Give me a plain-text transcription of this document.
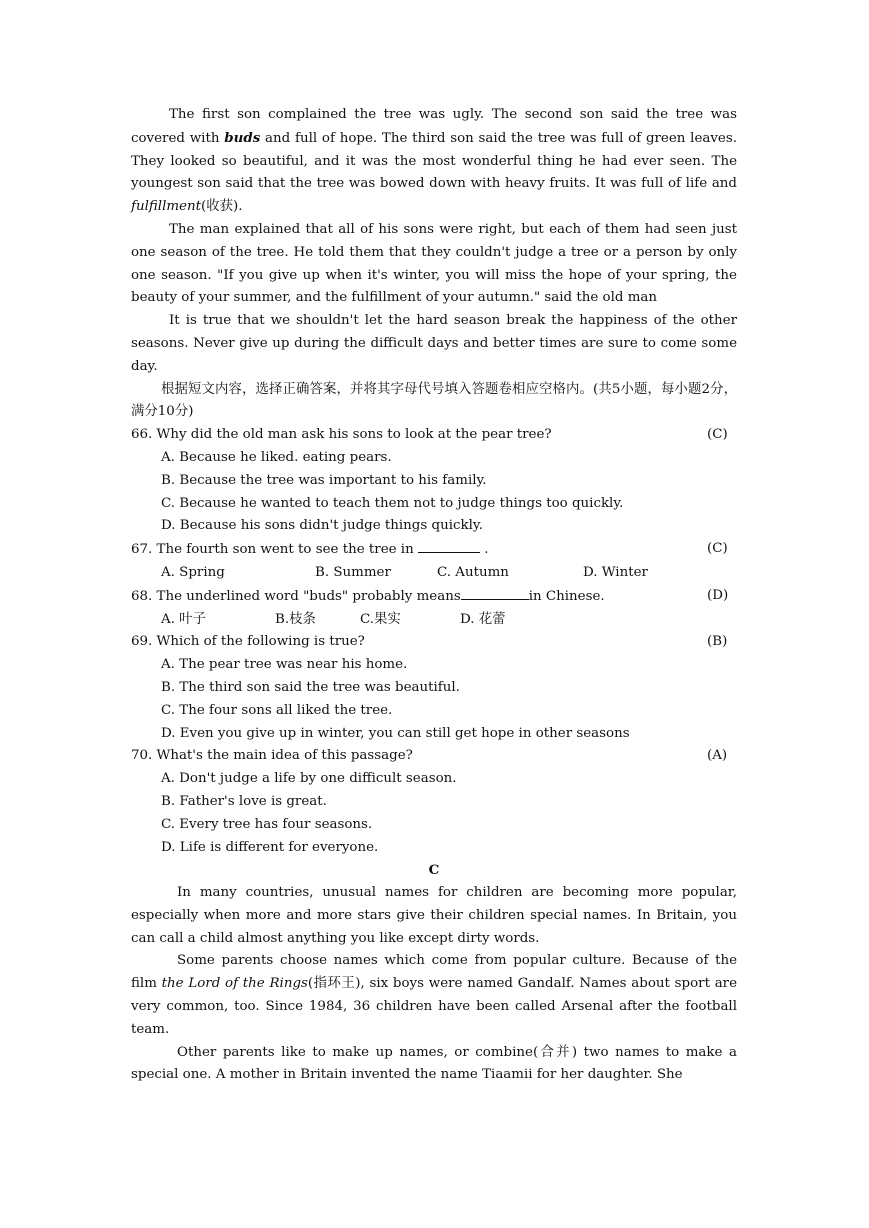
The first son complained the tree was ugly. The second son said the tree was covered with buds and full of hope. The third son said the tree was full of green leaves. They looked so beautiful, and it was the most wonderful thing he had ever seen. The youngest son said that the tree was bowed down with heavy fruits. It was full of life and fulfillment(收获).

The man explained that all of his sons were right, but each of them had seen just one season of the tree. He told them that they couldn't judge a tree or a person by only one season. "If you give up when it's winter, you will miss the hope of your spring, the beauty of your summer, and the fulfillment of your autumn." said the old man

It is true that we shouldn't let the hard season break the happiness of the other seasons. Never give up during the difficult days and better times are sure to come some day.

根据短文内容，选择正确答案，并将其字母代号填入答题卷相应空格内。(共5小题，每小题2分，满分10分)

66. Why did the old man ask his sons to look at the pear tree?	(C)
A. Because he liked. eating pears.
B. Because the tree was important to his family.
C. Because he wanted to teach them not to judge things too quickly.
D. Because his sons didn't judge things quickly.
67. The fourth son went to see the tree in	.	(C)
A. Spring	B. Summer	C. Autumn	D. Winter
68. The underlined word "buds" probably means	in Chinese.	(D)
A. 叶子	B.枝条	C.果实	D. 花蕾
69. Which of the following is true?	(B)
A. The pear tree was near his home.
B. The third son said the tree was beautiful.
C. The four sons all liked the tree.
D. Even you give up in winter, you can still get hope in other seasons
70. What's the main idea of this passage?	(A)
A. Don't judge a life by one difficult season.
B. Father's love is great.
C. Every tree has four seasons.
D. Life is different for everyone.
C

In many countries, unusual names for children are becoming more popular, especially when more and more stars give their children special names. In Britain, you can call a child almost anything you like except dirty words.

Some parents choose names which come from popular culture. Because of the film the Lord of the Rings(指环王), six boys were named Gandalf. Names about sport are very common, too. Since 1984, 36 children have been called Arsenal after the football team.

Other parents like to make up names, or combine(合并) two names to make a special one. A mother in Britain invented the name Tiaamii for her daughter. She
